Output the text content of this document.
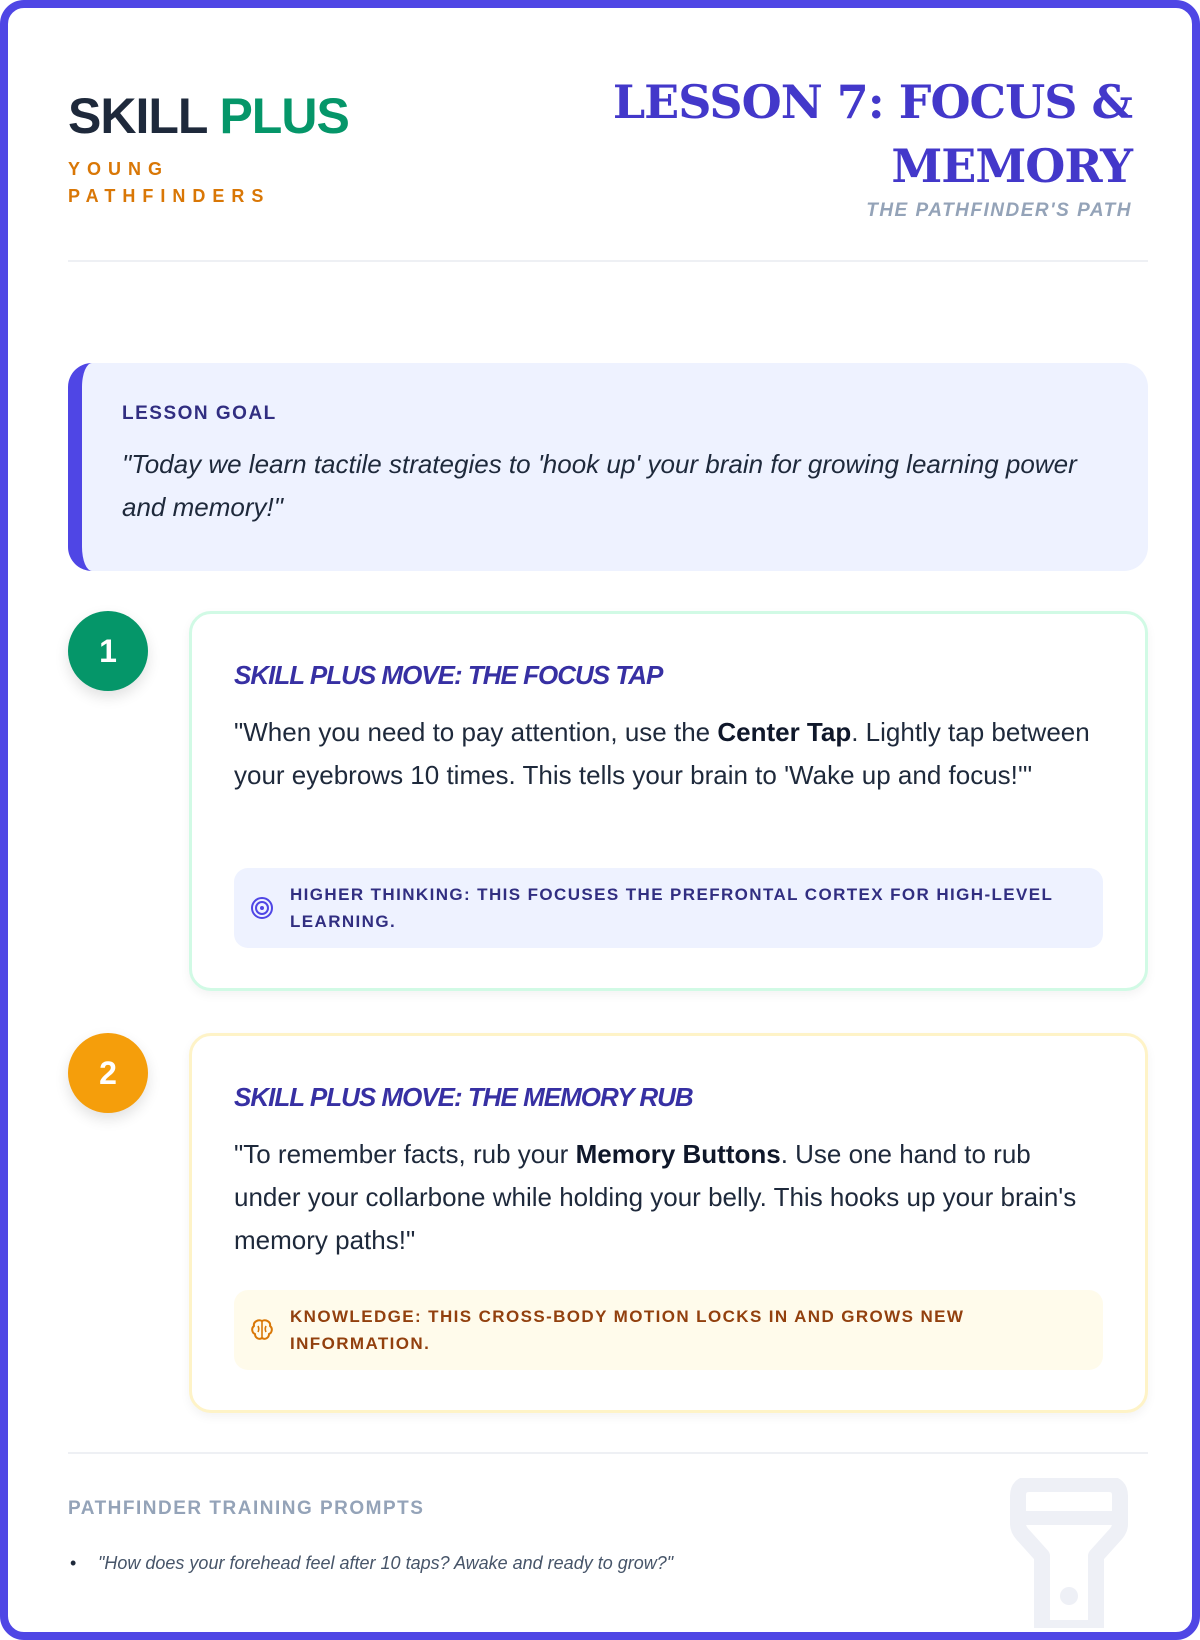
SKILL PLUS
YOUNG PATHFINDERS
LESSON 7: FOCUS & MEMORY
THE PATHFINDER'S PATH
LESSON GOAL
"Today we learn tactile strategies to 'hook up' your brain for growing learning power and memory!"
1
SKILL PLUS MOVE: THE FOCUS TAP
"When you need to pay attention, use the Center Tap. Lightly tap between your eyebrows 10 times. This tells your brain to 'Wake up and focus!'"
HIGHER THINKING: THIS FOCUSES THE PREFRONTAL CORTEX FOR HIGH-LEVEL LEARNING.
2
SKILL PLUS MOVE: THE MEMORY RUB
"To remember facts, rub your Memory Buttons. Use one hand to rub under your collarbone while holding your belly. This hooks up your brain's memory paths!"
KNOWLEDGE: THIS CROSS-BODY MOTION LOCKS IN AND GROWS NEW INFORMATION.
PATHFINDER TRAINING PROMPTS
•	"How does your forehead feel after 10 taps? Awake and ready to grow?"
